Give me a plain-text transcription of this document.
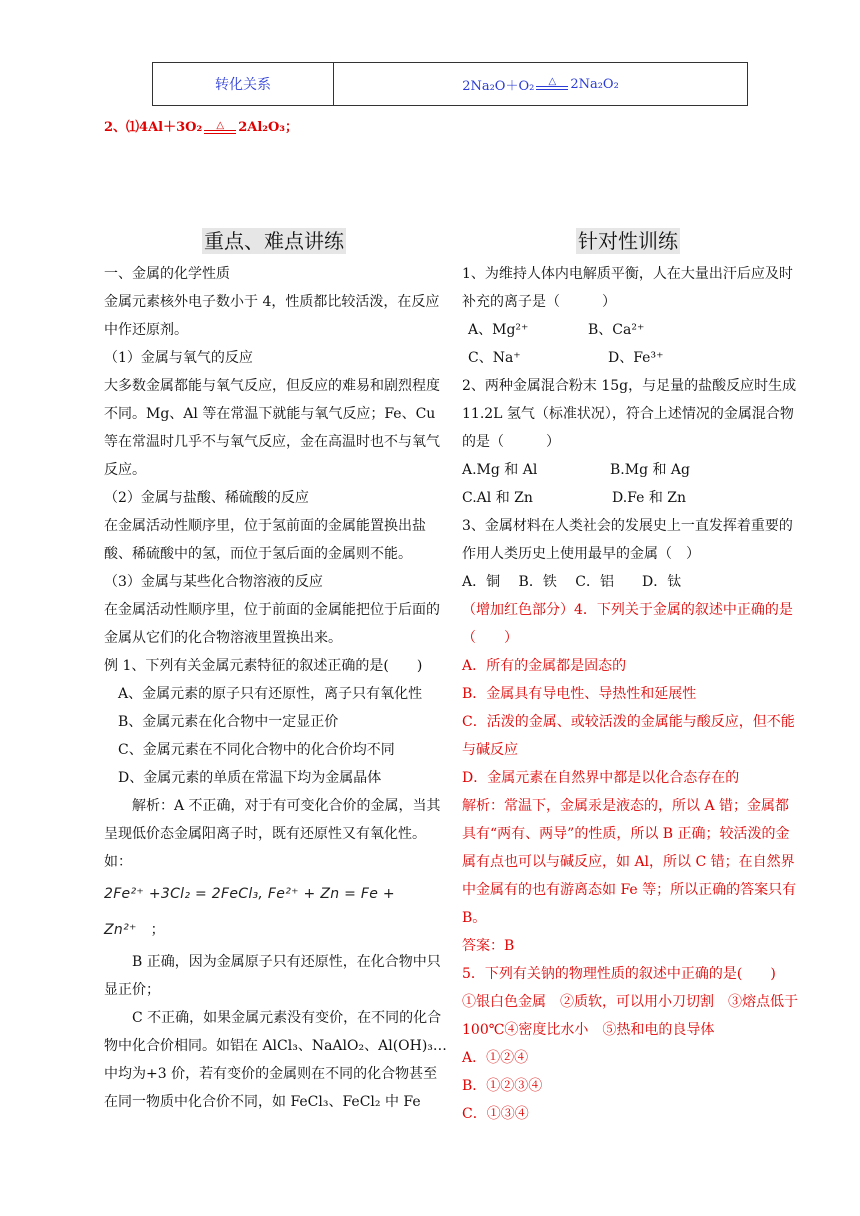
转化关系	2Na₂O＋O₂	△	2Na₂O₂
2、⑴4Al＋3O₂	△	2Al₂O₃；
重点、难点讲练	针对性训练

一、金属的化学性质

金属元素核外电子数小于 4，性质都比较活泼，在反应中作还原剂。

（1）金属与氧气的反应

大多数金属都能与氧气反应，但反应的难易和剧烈程度不同。Mg、Al 等在常温下就能与氧气反应；Fe、Cu 等在常温时几乎不与氧气反应，金在高温时也不与氧气反应。

（2）金属与盐酸、稀硫酸的反应

在金属活动性顺序里，位于氢前面的金属能置换出盐酸、稀硫酸中的氢，而位于氢后面的金属则不能。

（3）金属与某些化合物溶液的反应

在金属活动性顺序里，位于前面的金属能把位于后面的金属从它们的化合物溶液里置换出来。

例 1、下列有关金属元素特征的叙述正确的是(　　)

A、金属元素的原子只有还原性，离子只有氧化性

B、金属元素在化合物中一定显正价

C、金属元素在不同化合物中的化合价均不同

D、金属元素的单质在常温下均为金属晶体

解析：A 不正确，对于有可变化合价的金属，当其呈现低价态金属阳离子时，既有还原性又有氧化性。如：

2Fe²⁺ +3Cl₂ = 2FeCl₃, Fe²⁺ + Zn = Fe + Zn²⁺　 ；

B 正确，因为金属原子只有还原性，在化合物中只显正价；

C 不正确，如果金属元素没有变价，在不同的化合物中化合价相同。如铝在 AlCl₃、NaAlO₂、Al(OH)₃…中均为+3 价，若有变价的金属则在不同的化合物甚至在同一物质中化合价不同，如 FeCl₃、FeCl₂ 中 Fe

1、为维持人体内电解质平衡，人在大量出汗后应及时补充的离子是（　　　）

A、Mg²⁺	B、Ca²⁺

C、Na⁺	D、Fe³⁺

2、两种金属混合粉末 15g，与足量的盐酸反应时生成 11.2L 氢气（标准状况），符合上述情况的金属混合物的是（　　　）

A.Mg 和 Al	B.Mg 和 Ag

C.Al 和 Zn	D.Fe 和 Zn

3、金属材料在人类社会的发展史上一直发挥着重要的作用人类历史上使用最早的金属（　）

A．铜　 B．铁　 C．铝　　D．钛

（增加红色部分）4．下列关于金属的叙述中正确的是（　　）

A．所有的金属都是固态的

B．金属具有导电性、导热性和延展性

C．活泼的金属、或较活泼的金属能与酸反应，但不能与碱反应

D．金属元素在自然界中都是以化合态存在的

解析：常温下，金属汞是液态的，所以 A 错；金属都具有“两有、两导”的性质，所以 B 正确；较活泼的金属有点也可以与碱反应，如 Al，所以 C 错；在自然界中金属有的也有游离态如 Fe 等；所以正确的答案只有 B。

答案：B

5．下列有关钠的物理性质的叙述中正确的是(　　)

①银白色金属　②质软，可以用小刀切割　③熔点低于 100℃④密度比水小　⑤热和电的良导体

A．①②④

B．①②③④

C．①③④
